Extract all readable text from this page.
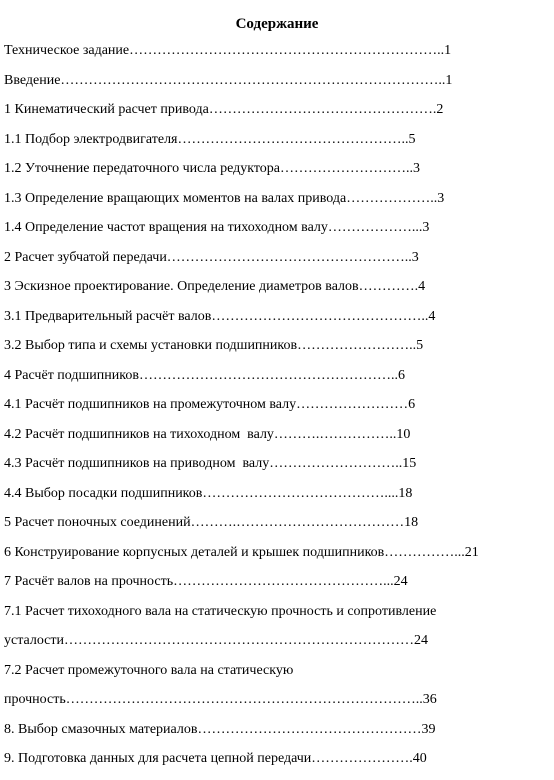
Содержание
Техническое задание…………………………………………………………..1
Введение………………………………………………………………………..1
1 Кинематический расчет привода………………………………………….2
1.1 Подбор электродвигателя…………………………………………..5
1.2 Уточнение передаточного числа редуктора………………………..3
1.3 Определение вращающих моментов на валах привода………………..3
1.4 Определение частот вращения на тихоходном валу………………...3
2 Расчет зубчатой передачи……………………………………………..3
3 Эскизное проектирование. Определение диаметров валов………….4
3.1 Предварительный расчёт валов………………………………………..4
3.2 Выбор типа и схемы установки подшипников……………………..5
4 Расчёт подшипников………………………………………………..6
4.1 Расчёт подшипников на промежуточном валу……………………6
4.2 Расчёт подшипников на тихоходном  валу……….……………..10
4.3 Расчёт подшипников на приводном  валу………………………..15
4.4 Выбор посадки подшипников…………………………………....18
5 Расчет поночных соединений……….………………………………18
6 Конструирование корпусных деталей и крышек подшипников……………...21
7 Расчёт валов на прочность………………………………………...24
7.1 Расчет тихоходного вала на статическую прочность и сопротивление
усталости…………………………………………………………………24
7.2 Расчет промежуточного вала на статическую
прочность…………………………………………………………………..36
8. Выбор смазочных материалов…………………………………………39
9. Подготовка данных для расчета цепной передачи………………….40
